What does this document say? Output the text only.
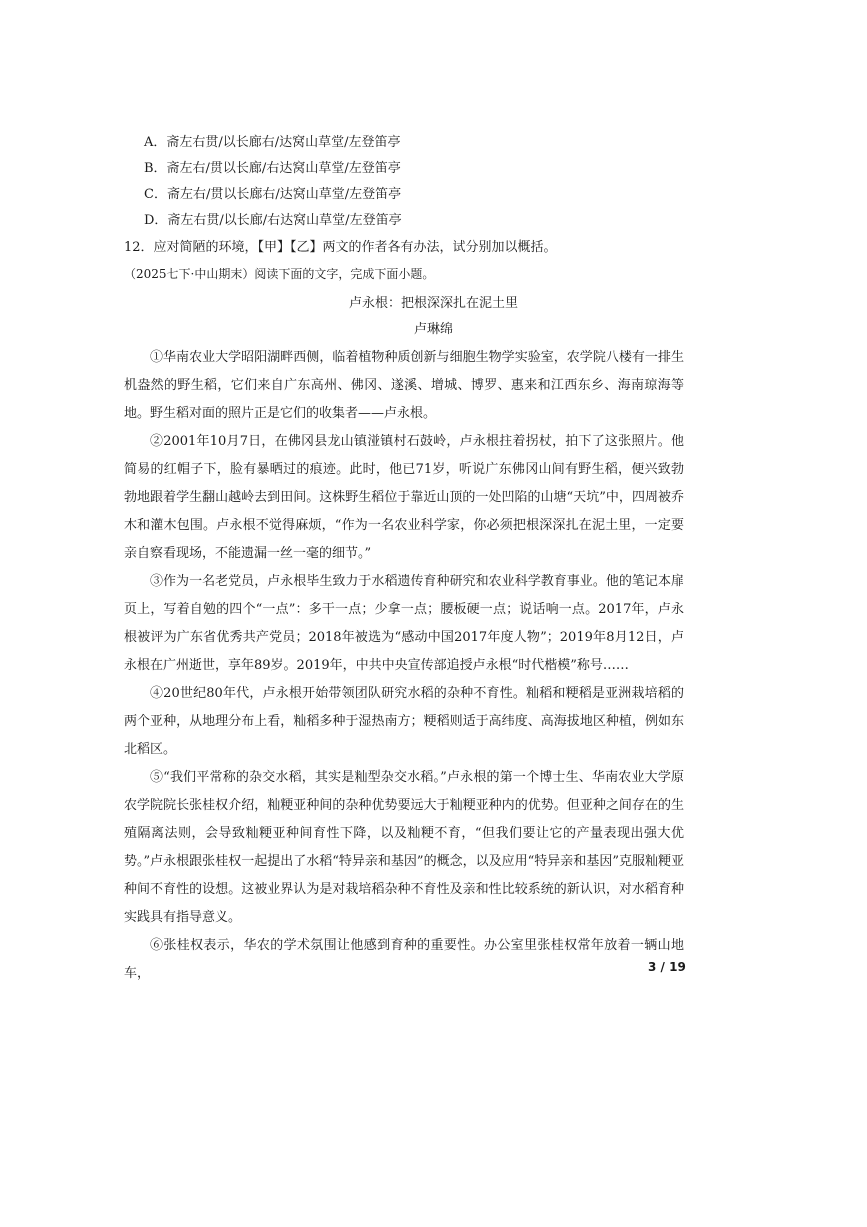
A．斋左右贯/以长廊右/达窝山草堂/左登笛亭
B．斋左右/贯以长廊/右达窝山草堂/左登笛亭
C．斋左右/贯以长廊右/达窝山草堂/左登笛亭
D．斋左右贯/以长廊/右达窝山草堂/左登笛亭
12．应对简陋的环境，【甲】【乙】两文的作者各有办法，试分别加以概括。
（2025七下·中山期末）阅读下面的文字，完成下面小题。
卢永根：把根深深扎在泥土里
卢琳绵

①华南农业大学昭阳湖畔西侧，临着植物种质创新与细胞生物学实验室，农学院八楼有一排生机盎然的野生稻，它们来自广东高州、佛冈、遂溪、增城、博罗、惠来和江西东乡、海南琼海等地。野生稻对面的照片正是它们的收集者——卢永根。

②2001年10月7日，在佛冈县龙山镇湴镇村石鼓岭，卢永根拄着拐杖，拍下了这张照片。他简易的红帽子下，脸有暴晒过的痕迹。此时，他已71岁，听说广东佛冈山间有野生稻，便兴致勃勃地跟着学生翻山越岭去到田间。这株野生稻位于靠近山顶的一处凹陷的山塘“天坑”中，四周被乔木和灌木包围。卢永根不觉得麻烦，“作为一名农业科学家，你必须把根深深扎在泥土里，一定要亲自察看现场，不能遗漏一丝一毫的细节。”

③作为一名老党员，卢永根毕生致力于水稻遗传育种研究和农业科学教育事业。他的笔记本扉页上，写着自勉的四个“一点”：多干一点；少拿一点；腰板硬一点；说话响一点。2017年，卢永根被评为广东省优秀共产党员；2018年被选为“感动中国2017年度人物”；2019年8月12日，卢永根在广州逝世，享年89岁。2019年，中共中央宣传部追授卢永根“时代楷模”称号……

④20世纪80年代，卢永根开始带领团队研究水稻的杂种不育性。籼稻和粳稻是亚洲栽培稻的两个亚种，从地理分布上看，籼稻多种于湿热南方；粳稻则适于高纬度、高海拔地区种植，例如东北稻区。

⑤“我们平常称的杂交水稻，其实是籼型杂交水稻。”卢永根的第一个博士生、华南农业大学原农学院院长张桂权介绍，籼粳亚种间的杂种优势要远大于籼粳亚种内的优势。但亚种之间存在的生殖隔离法则，会导致籼粳亚种间育性下降，以及籼粳不育，“但我们要让它的产量表现出强大优势。”卢永根跟张桂权一起提出了水稻“特异亲和基因”的概念，以及应用“特异亲和基因”克服籼粳亚种间不育性的设想。这被业界认为是对栽培稻杂种不育性及亲和性比较系统的新认识，对水稻育种实践具有指导意义。

⑥张桂权表示，华农的学术氛围让他感到育种的重要性。办公室里张桂权常年放着一辆山地车，	3 / 19
